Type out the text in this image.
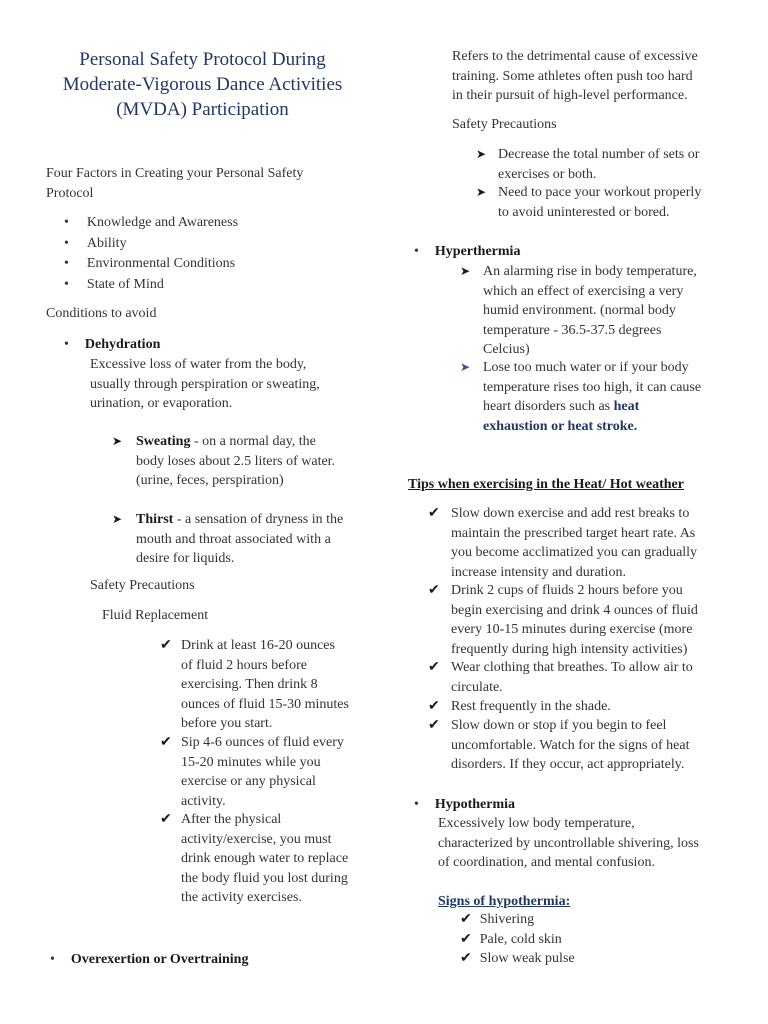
Personal Safety Protocol During
Moderate-Vigorous Dance Activities
(MVDA) Participation
Four Factors in Creating your Personal Safety
Protocol
• Knowledge and Awareness
• Ability
• Environmental Conditions
• State of Mind
Conditions to avoid
• Dehydration
Excessive loss of water from the body,
usually through perspiration or sweating,
urination, or evaporation.
➤ Sweating - on a normal day, the
body loses about 2.5 liters of water.
(urine, feces, perspiration)
➤ Thirst - a sensation of dryness in the
mouth and throat associated with a
desire for liquids.
Safety Precautions
Fluid Replacement
✔ Drink at least 16-20 ounces
of fluid 2 hours before
exercising. Then drink 8
ounces of fluid 15-30 minutes
before you start.
✔ Sip 4-6 ounces of fluid every
15-20 minutes while you
exercise or any physical
activity.
✔ After the physical
activity/exercise, you must
drink enough water to replace
the body fluid you lost during
the activity exercises.
• Overexertion or Overtraining
Refers to the detrimental cause of excessive
training. Some athletes often push too hard
in their pursuit of high-level performance.
Safety Precautions
➤ Decrease the total number of sets or
exercises or both.
➤ Need to pace your workout properly
to avoid uninterested or bored.
• Hyperthermia
➤ An alarming rise in body temperature,
which an effect of exercising a very
humid environment. (normal body
temperature - 36.5-37.5 degrees
Celcius)
➤ Lose too much water or if your body
temperature rises too high, it can cause
heart disorders such as heat
exhaustion or heat stroke.
Tips when exercising in the Heat/ Hot weather
✔ Slow down exercise and add rest breaks to
maintain the prescribed target heart rate. As
you become acclimatized you can gradually
increase intensity and duration.
✔ Drink 2 cups of fluids 2 hours before you
begin exercising and drink 4 ounces of fluid
every 10-15 minutes during exercise (more
frequently during high intensity activities)
✔ Wear clothing that breathes. To allow air to
circulate.
✔ Rest frequently in the shade.
✔ Slow down or stop if you begin to feel
uncomfortable. Watch for the signs of heat
disorders. If they occur, act appropriately.
• Hypothermia
Excessively low body temperature,
characterized by uncontrollable shivering, loss
of coordination, and mental confusion.
Signs of hypothermia:
✔ Shivering
✔ Pale, cold skin
✔ Slow weak pulse
